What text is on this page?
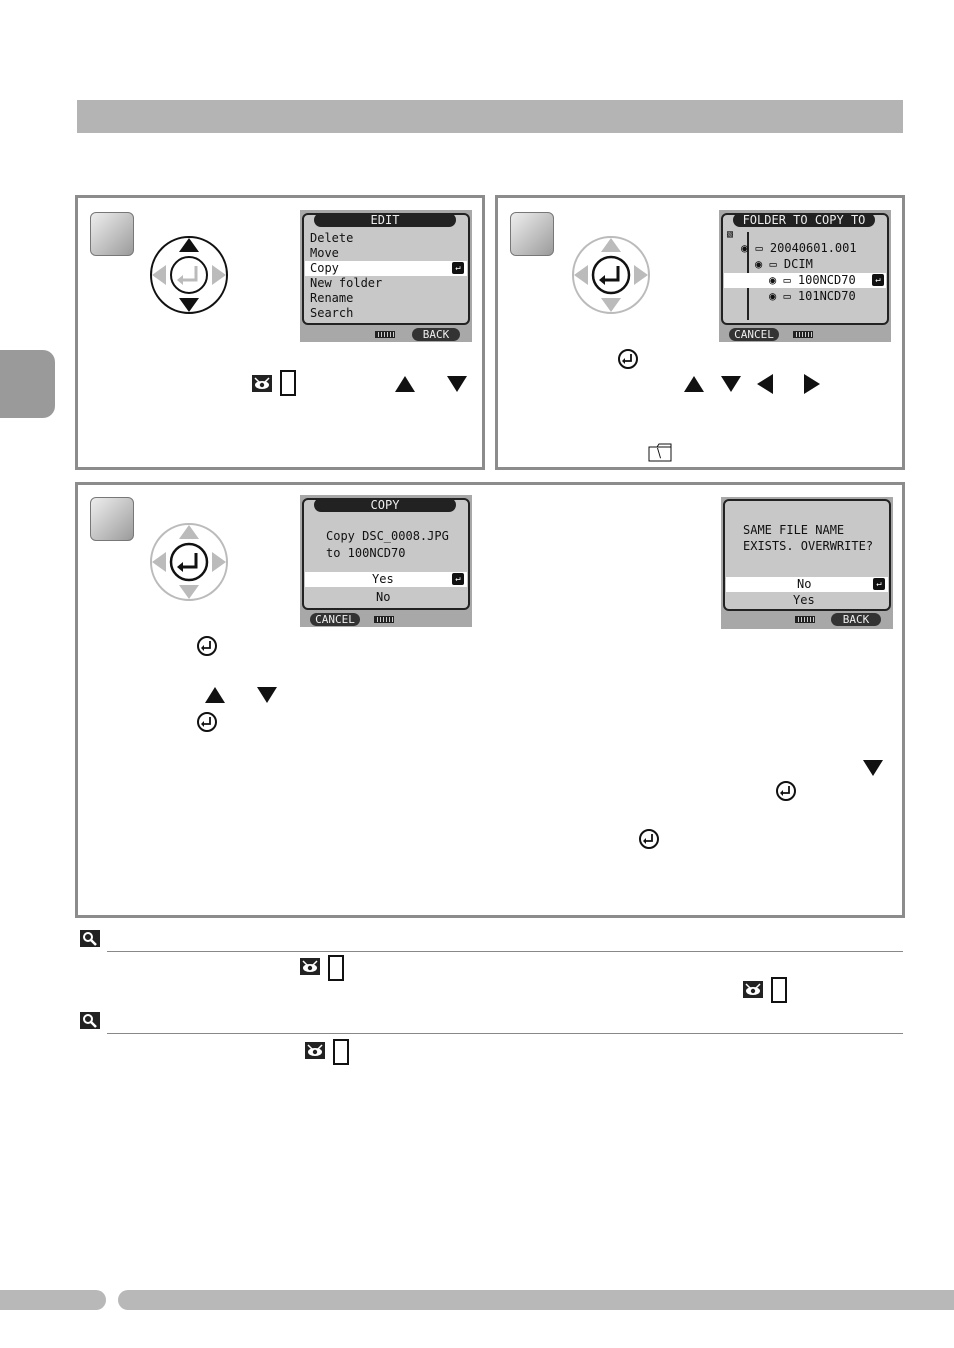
EDIT
Delete
Move
Copy
New folder
Rename
Search
↵
BACK
FOLDER TO COPY TO
▧
◉ ▭ 20040601.001
◉ ▭ DCIM
◉ ▭ 100NCD70
◉ ▭ 101NCD70
↵
CANCEL
\
COPY
Copy DSC_0008.JPG
to 100NCD70
Yes
No
↵
CANCEL
SAME FILE NAME
EXISTS. OVERWRITE?
No
Yes
↵
BACK
